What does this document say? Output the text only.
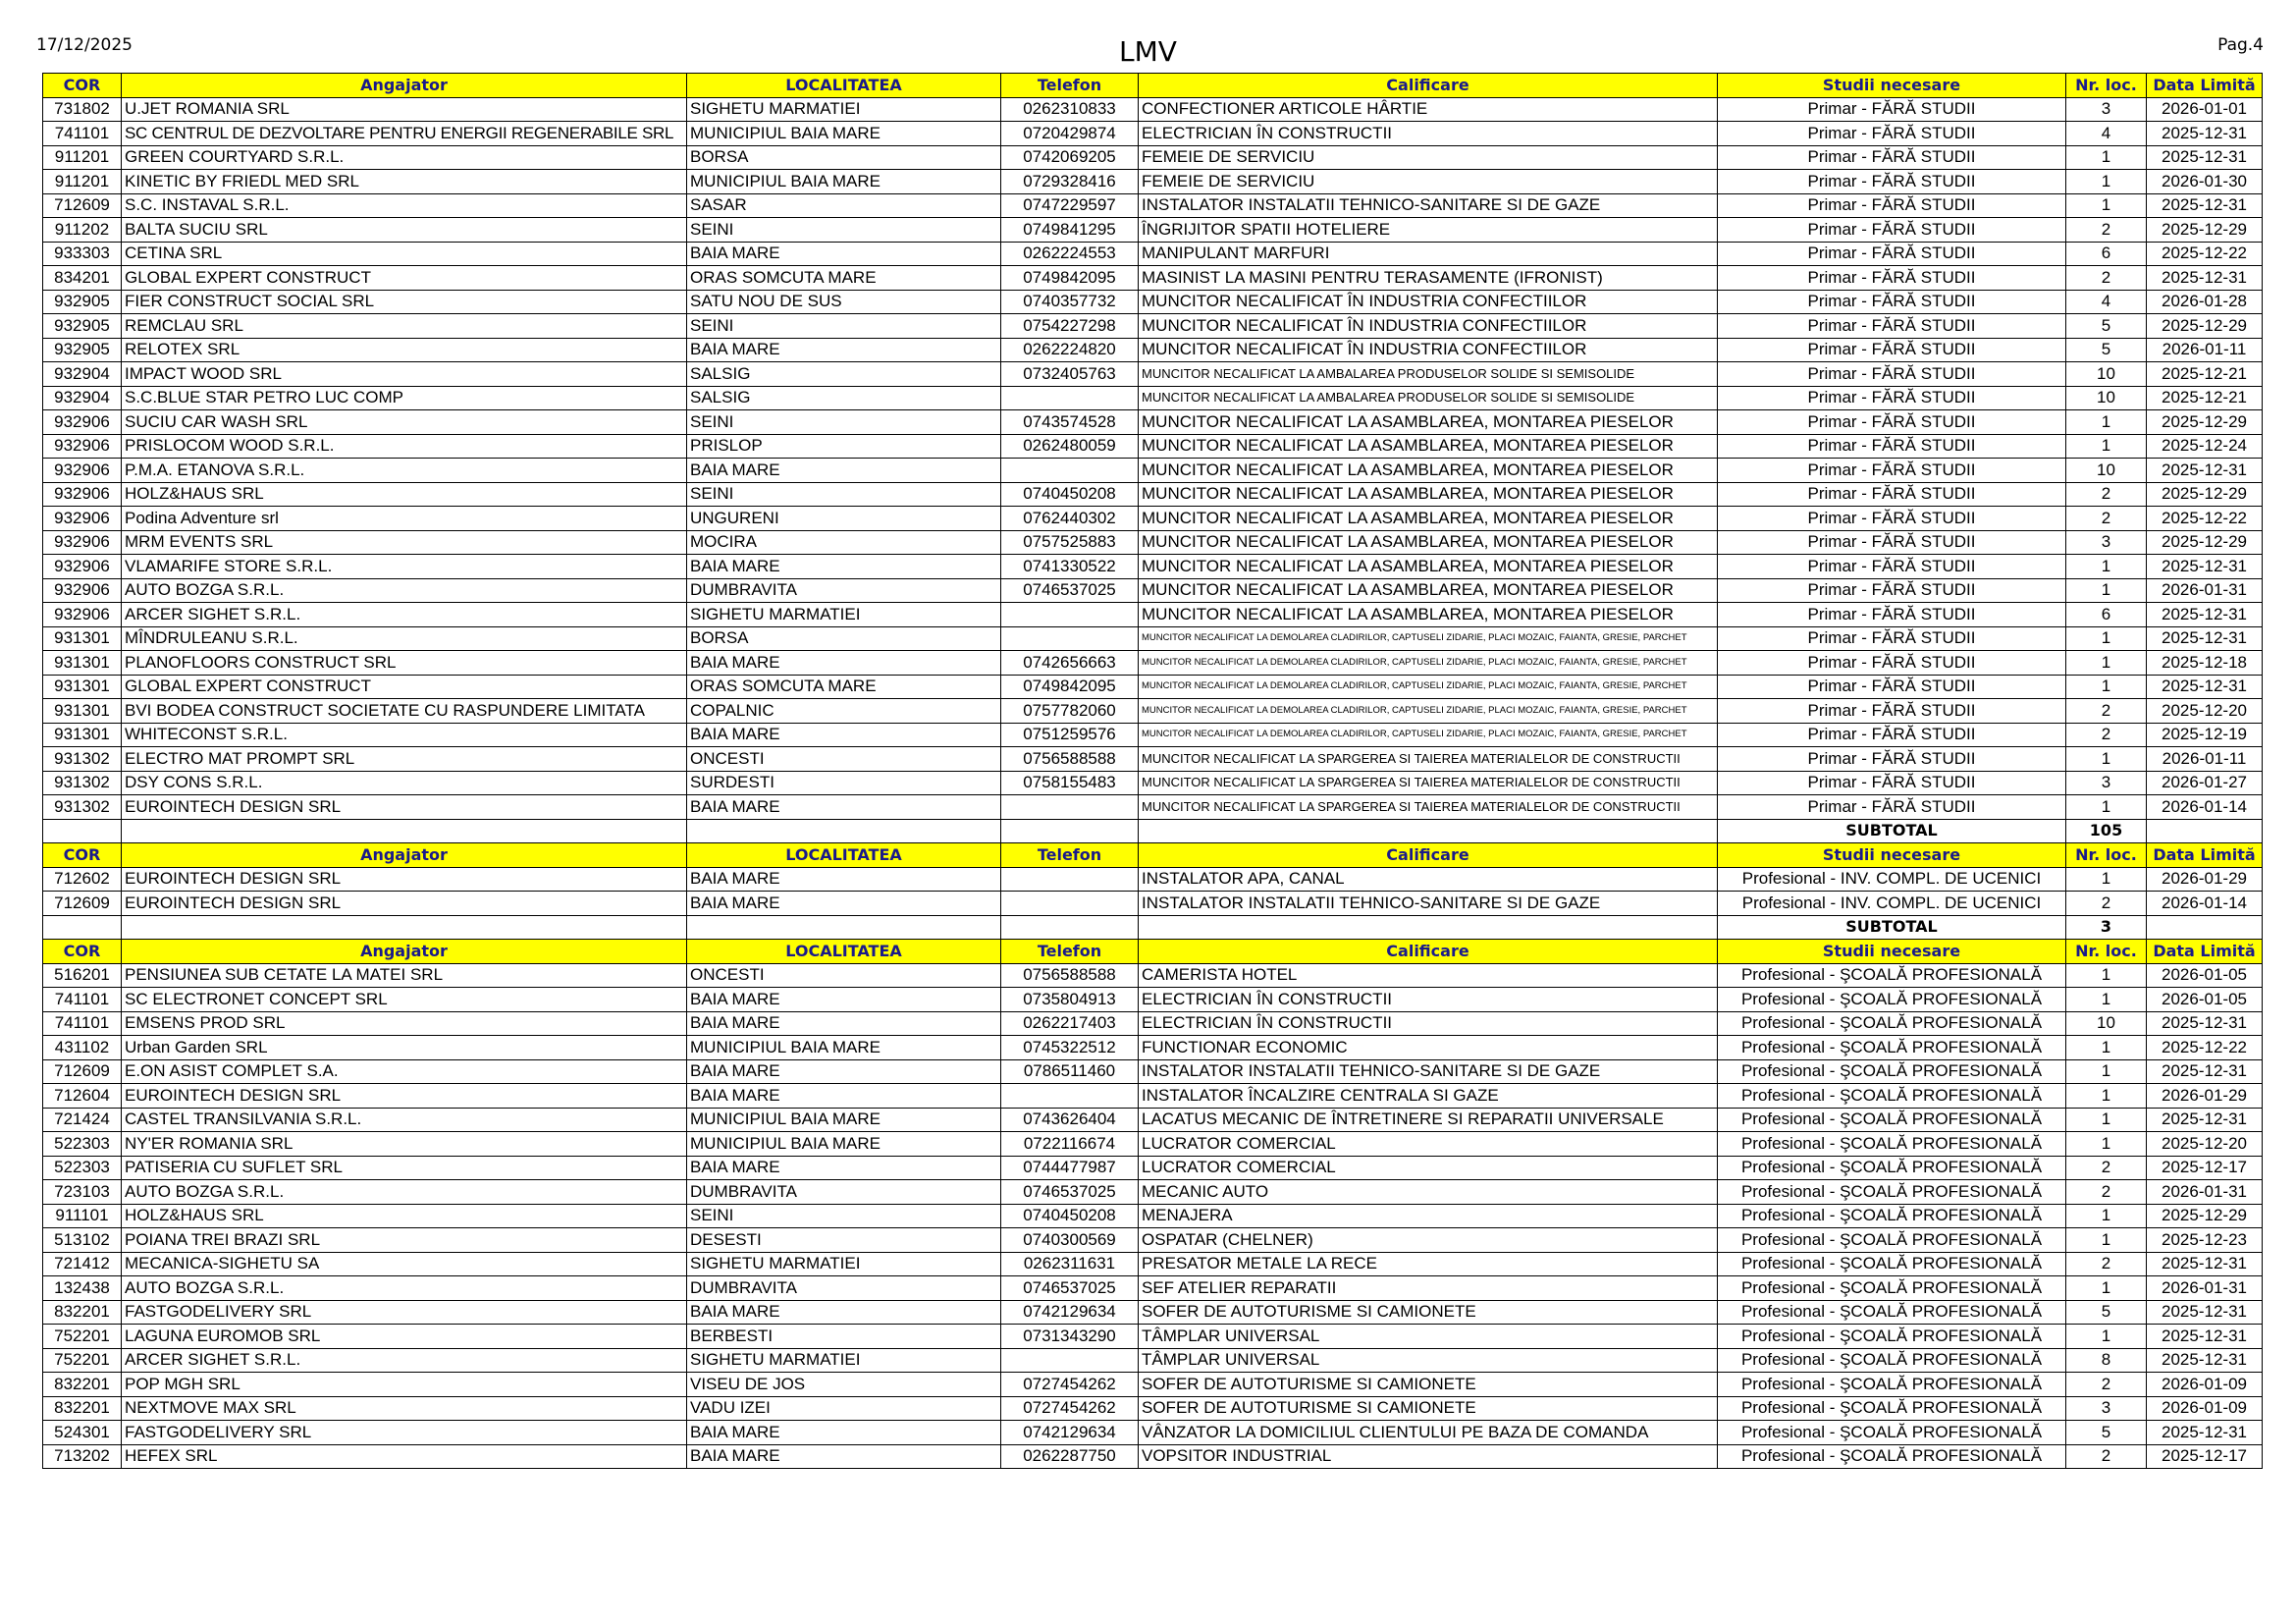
17/12/2025	LMV	Pag.4
COR	Angajator	LOCALITATEA	Telefon	Calificare	Studii necesare	Nr. loc.	Data Limită
731802	U.JET ROMANIA SRL	SIGHETU MARMATIEI	0262310833	CONFECTIONER ARTICOLE HÂRTIE	Primar - FĂRĂ STUDII	3	2026-01-01
741101	SC CENTRUL DE DEZVOLTARE PENTRU ENERGII REGENERABILE SRL	MUNICIPIUL BAIA MARE	0720429874	ELECTRICIAN ÎN CONSTRUCTII	Primar - FĂRĂ STUDII	4	2025-12-31
911201	GREEN COURTYARD S.R.L.	BORSA	0742069205	FEMEIE DE SERVICIU	Primar - FĂRĂ STUDII	1	2025-12-31
911201	KINETIC BY FRIEDL MED SRL	MUNICIPIUL BAIA MARE	0729328416	FEMEIE DE SERVICIU	Primar - FĂRĂ STUDII	1	2026-01-30
712609	S.C. INSTAVAL S.R.L.	SASAR	0747229597	INSTALATOR INSTALATII TEHNICO-SANITARE SI DE GAZE	Primar - FĂRĂ STUDII	1	2025-12-31
911202	BALTA SUCIU SRL	SEINI	0749841295	ÎNGRIJITOR SPATII HOTELIERE	Primar - FĂRĂ STUDII	2	2025-12-29
933303	CETINA SRL	BAIA MARE	0262224553	MANIPULANT MARFURI	Primar - FĂRĂ STUDII	6	2025-12-22
834201	GLOBAL EXPERT CONSTRUCT	ORAS SOMCUTA MARE	0749842095	MASINIST LA MASINI PENTRU TERASAMENTE (IFRONIST)	Primar - FĂRĂ STUDII	2	2025-12-31
932905	FIER CONSTRUCT SOCIAL SRL	SATU NOU DE SUS	0740357732	MUNCITOR NECALIFICAT ÎN INDUSTRIA CONFECTIILOR	Primar - FĂRĂ STUDII	4	2026-01-28
932905	REMCLAU SRL	SEINI	0754227298	MUNCITOR NECALIFICAT ÎN INDUSTRIA CONFECTIILOR	Primar - FĂRĂ STUDII	5	2025-12-29
932905	RELOTEX SRL	BAIA MARE	0262224820	MUNCITOR NECALIFICAT ÎN INDUSTRIA CONFECTIILOR	Primar - FĂRĂ STUDII	5	2026-01-11
932904	IMPACT WOOD SRL	SALSIG	0732405763	MUNCITOR NECALIFICAT LA AMBALAREA PRODUSELOR SOLIDE SI SEMISOLIDE	Primar - FĂRĂ STUDII	10	2025-12-21
932904	S.C.BLUE STAR PETRO LUC COMP	SALSIG		MUNCITOR NECALIFICAT LA AMBALAREA PRODUSELOR SOLIDE SI SEMISOLIDE	Primar - FĂRĂ STUDII	10	2025-12-21
932906	SUCIU CAR WASH SRL	SEINI	0743574528	MUNCITOR NECALIFICAT LA ASAMBLAREA, MONTAREA PIESELOR	Primar - FĂRĂ STUDII	1	2025-12-29
932906	PRISLOCOM WOOD S.R.L.	PRISLOP	0262480059	MUNCITOR NECALIFICAT LA ASAMBLAREA, MONTAREA PIESELOR	Primar - FĂRĂ STUDII	1	2025-12-24
932906	P.M.A. ETANOVA S.R.L.	BAIA MARE		MUNCITOR NECALIFICAT LA ASAMBLAREA, MONTAREA PIESELOR	Primar - FĂRĂ STUDII	10	2025-12-31
932906	HOLZ&HAUS SRL	SEINI	0740450208	MUNCITOR NECALIFICAT LA ASAMBLAREA, MONTAREA PIESELOR	Primar - FĂRĂ STUDII	2	2025-12-29
932906	Podina Adventure srl	UNGURENI	0762440302	MUNCITOR NECALIFICAT LA ASAMBLAREA, MONTAREA PIESELOR	Primar - FĂRĂ STUDII	2	2025-12-22
932906	MRM EVENTS SRL	MOCIRA	0757525883	MUNCITOR NECALIFICAT LA ASAMBLAREA, MONTAREA PIESELOR	Primar - FĂRĂ STUDII	3	2025-12-29
932906	VLAMARIFE STORE S.R.L.	BAIA MARE	0741330522	MUNCITOR NECALIFICAT LA ASAMBLAREA, MONTAREA PIESELOR	Primar - FĂRĂ STUDII	1	2025-12-31
932906	AUTO BOZGA S.R.L.	DUMBRAVITA	0746537025	MUNCITOR NECALIFICAT LA ASAMBLAREA, MONTAREA PIESELOR	Primar - FĂRĂ STUDII	1	2026-01-31
932906	ARCER SIGHET S.R.L.	SIGHETU MARMATIEI		MUNCITOR NECALIFICAT LA ASAMBLAREA, MONTAREA PIESELOR	Primar - FĂRĂ STUDII	6	2025-12-31
931301	MÎNDRULEANU S.R.L.	BORSA		MUNCITOR NECALIFICAT LA DEMOLAREA CLADIRILOR, CAPTUSELI ZIDARIE, PLACI MOZAIC, FAIANTA, GRESIE, PARCHET	Primar - FĂRĂ STUDII	1	2025-12-31
931301	PLANOFLOORS CONSTRUCT SRL	BAIA MARE	0742656663	MUNCITOR NECALIFICAT LA DEMOLAREA CLADIRILOR, CAPTUSELI ZIDARIE, PLACI MOZAIC, FAIANTA, GRESIE, PARCHET	Primar - FĂRĂ STUDII	1	2025-12-18
931301	GLOBAL EXPERT CONSTRUCT	ORAS SOMCUTA MARE	0749842095	MUNCITOR NECALIFICAT LA DEMOLAREA CLADIRILOR, CAPTUSELI ZIDARIE, PLACI MOZAIC, FAIANTA, GRESIE, PARCHET	Primar - FĂRĂ STUDII	1	2025-12-31
931301	BVI BODEA CONSTRUCT SOCIETATE CU RASPUNDERE LIMITATA	COPALNIC	0757782060	MUNCITOR NECALIFICAT LA DEMOLAREA CLADIRILOR, CAPTUSELI ZIDARIE, PLACI MOZAIC, FAIANTA, GRESIE, PARCHET	Primar - FĂRĂ STUDII	2	2025-12-20
931301	WHITECONST S.R.L.	BAIA MARE	0751259576	MUNCITOR NECALIFICAT LA DEMOLAREA CLADIRILOR, CAPTUSELI ZIDARIE, PLACI MOZAIC, FAIANTA, GRESIE, PARCHET	Primar - FĂRĂ STUDII	2	2025-12-19
931302	ELECTRO MAT PROMPT SRL	ONCESTI	0756588588	MUNCITOR NECALIFICAT LA SPARGEREA SI TAIEREA MATERIALELOR DE CONSTRUCTII	Primar - FĂRĂ STUDII	1	2026-01-11
931302	DSY CONS S.R.L.	SURDESTI	0758155483	MUNCITOR NECALIFICAT LA SPARGEREA SI TAIEREA MATERIALELOR DE CONSTRUCTII	Primar - FĂRĂ STUDII	3	2026-01-27
931302	EUROINTECH DESIGN SRL	BAIA MARE		MUNCITOR NECALIFICAT LA SPARGEREA SI TAIEREA MATERIALELOR DE CONSTRUCTII	Primar - FĂRĂ STUDII	1	2026-01-14
					SUBTOTAL	105	
COR	Angajator	LOCALITATEA	Telefon	Calificare	Studii necesare	Nr. loc.	Data Limită
712602	EUROINTECH DESIGN SRL	BAIA MARE		INSTALATOR APA, CANAL	Profesional - INV. COMPL. DE UCENICI	1	2026-01-29
712609	EUROINTECH DESIGN SRL	BAIA MARE		INSTALATOR INSTALATII TEHNICO-SANITARE SI DE GAZE	Profesional - INV. COMPL. DE UCENICI	2	2026-01-14
					SUBTOTAL	3	
COR	Angajator	LOCALITATEA	Telefon	Calificare	Studii necesare	Nr. loc.	Data Limită
516201	PENSIUNEA SUB CETATE LA MATEI SRL	ONCESTI	0756588588	CAMERISTA HOTEL	Profesional - ŞCOALĂ PROFESIONALĂ	1	2026-01-05
741101	SC ELECTRONET CONCEPT SRL	BAIA MARE	0735804913	ELECTRICIAN ÎN CONSTRUCTII	Profesional - ŞCOALĂ PROFESIONALĂ	1	2026-01-05
741101	EMSENS PROD SRL	BAIA MARE	0262217403	ELECTRICIAN ÎN CONSTRUCTII	Profesional - ŞCOALĂ PROFESIONALĂ	10	2025-12-31
431102	Urban Garden SRL	MUNICIPIUL BAIA MARE	0745322512	FUNCTIONAR ECONOMIC	Profesional - ŞCOALĂ PROFESIONALĂ	1	2025-12-22
712609	E.ON ASIST COMPLET S.A.	BAIA MARE	0786511460	INSTALATOR INSTALATII TEHNICO-SANITARE SI DE GAZE	Profesional - ŞCOALĂ PROFESIONALĂ	1	2025-12-31
712604	EUROINTECH DESIGN SRL	BAIA MARE		INSTALATOR ÎNCALZIRE CENTRALA SI GAZE	Profesional - ŞCOALĂ PROFESIONALĂ	1	2026-01-29
721424	CASTEL TRANSILVANIA S.R.L.	MUNICIPIUL BAIA MARE	0743626404	LACATUS MECANIC DE ÎNTRETINERE SI REPARATII UNIVERSALE	Profesional - ŞCOALĂ PROFESIONALĂ	1	2025-12-31
522303	NY'ER ROMANIA SRL	MUNICIPIUL BAIA MARE	0722116674	LUCRATOR COMERCIAL	Profesional - ŞCOALĂ PROFESIONALĂ	1	2025-12-20
522303	PATISERIA CU SUFLET SRL	BAIA MARE	0744477987	LUCRATOR COMERCIAL	Profesional - ŞCOALĂ PROFESIONALĂ	2	2025-12-17
723103	AUTO BOZGA S.R.L.	DUMBRAVITA	0746537025	MECANIC AUTO	Profesional - ŞCOALĂ PROFESIONALĂ	2	2026-01-31
911101	HOLZ&HAUS SRL	SEINI	0740450208	MENAJERA	Profesional - ŞCOALĂ PROFESIONALĂ	1	2025-12-29
513102	POIANA TREI BRAZI SRL	DESESTI	0740300569	OSPATAR (CHELNER)	Profesional - ŞCOALĂ PROFESIONALĂ	1	2025-12-23
721412	MECANICA-SIGHETU SA	SIGHETU MARMATIEI	0262311631	PRESATOR METALE LA RECE	Profesional - ŞCOALĂ PROFESIONALĂ	2	2025-12-31
132438	AUTO BOZGA S.R.L.	DUMBRAVITA	0746537025	SEF ATELIER REPARATII	Profesional - ŞCOALĂ PROFESIONALĂ	1	2026-01-31
832201	FASTGODELIVERY SRL	BAIA MARE	0742129634	SOFER DE AUTOTURISME SI CAMIONETE	Profesional - ŞCOALĂ PROFESIONALĂ	5	2025-12-31
752201	LAGUNA EUROMOB SRL	BERBESTI	0731343290	TÂMPLAR UNIVERSAL	Profesional - ŞCOALĂ PROFESIONALĂ	1	2025-12-31
752201	ARCER SIGHET S.R.L.	SIGHETU MARMATIEI		TÂMPLAR UNIVERSAL	Profesional - ŞCOALĂ PROFESIONALĂ	8	2025-12-31
832201	POP MGH SRL	VISEU DE JOS	0727454262	SOFER DE AUTOTURISME SI CAMIONETE	Profesional - ŞCOALĂ PROFESIONALĂ	2	2026-01-09
832201	NEXTMOVE MAX SRL	VADU IZEI	0727454262	SOFER DE AUTOTURISME SI CAMIONETE	Profesional - ŞCOALĂ PROFESIONALĂ	3	2026-01-09
524301	FASTGODELIVERY SRL	BAIA MARE	0742129634	VÂNZATOR LA DOMICILIUL CLIENTULUI PE BAZA DE COMANDA	Profesional - ŞCOALĂ PROFESIONALĂ	5	2025-12-31
713202	HEFEX SRL	BAIA MARE	0262287750	VOPSITOR INDUSTRIAL	Profesional - ŞCOALĂ PROFESIONALĂ	2	2025-12-17
